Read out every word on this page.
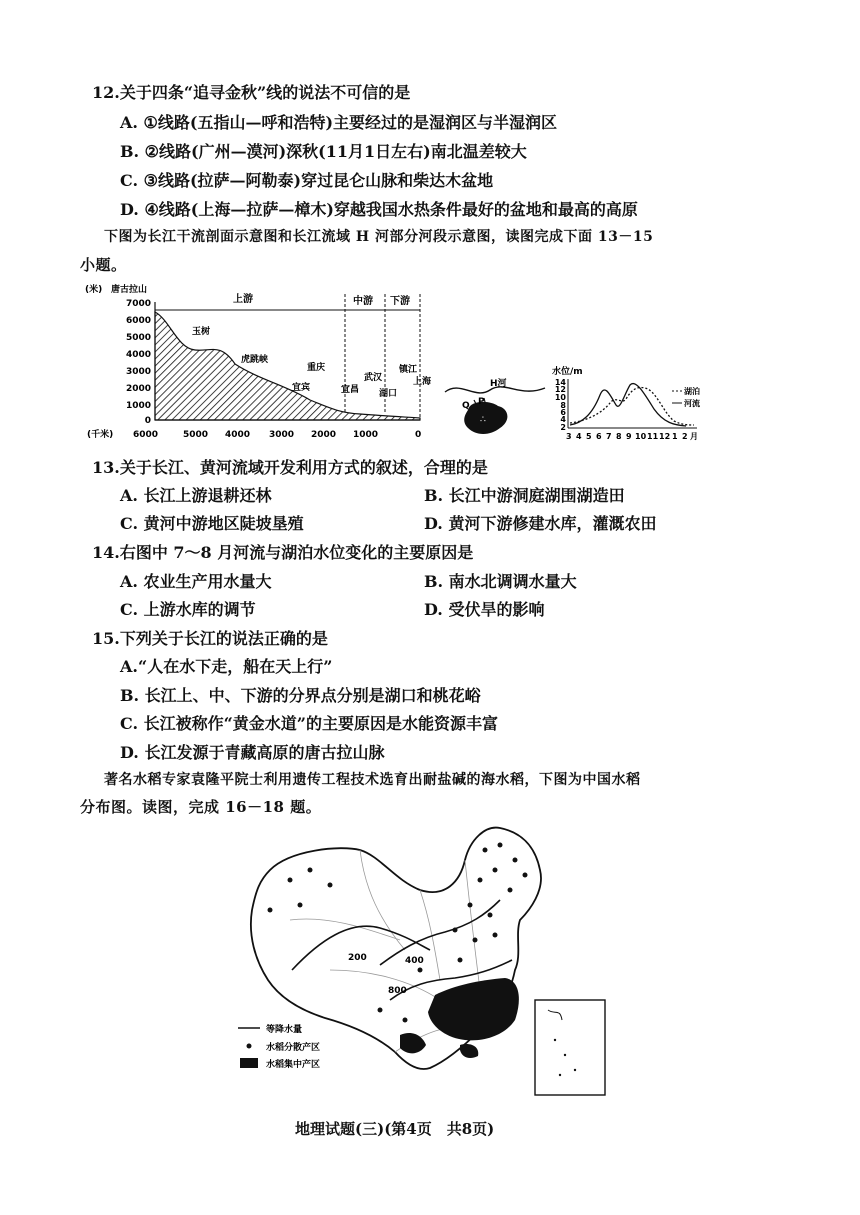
12.关于四条“追寻金秋”线的说法不可信的是
A. ①线路(五指山—呼和浩特)主要经过的是湿润区与半湿润区
B. ②线路(广州—漠河)深秋(11月1日左右)南北温差较大
C. ③线路(拉萨—阿勒泰)穿过昆仑山脉和柴达木盆地
D. ④线路(上海—拉萨—樟木)穿越我国水热条件最好的盆地和最高的高原
下图为长江干流剖面示意图和长江流域 H 河部分河段示意图，读图完成下面 13－15
小题。
(米) 唐古拉山
7000
6000
5000
4000
3000
2000
1000
0
上游	中游 下游
玉树
虎跳峡
重庆
宜宾	宜昌
武汉
湖口
镇江
上海
(千米) 6000	5000 4000 3000 2000 1000	0
H河
Q P
∴
水位/m
14
12
10
8
6
4
2
3 4 5 6 7 8 9 10 11 12 1 2 月
湖泊
河流
13.关于长江、黄河流域开发利用方式的叙述，合理的是
A. 长江上游退耕还林	B. 长江中游洞庭湖围湖造田
C. 黄河中游地区陡坡垦殖	D. 黄河下游修建水库，灌溉农田
14.右图中 7～8 月河流与湖泊水位变化的主要原因是
A. 农业生产用水量大	B. 南水北调调水量大
C. 上游水库的调节	D. 受伏旱的影响
15.下列关于长江的说法正确的是
A.“人在水下走，船在天上行”
B. 长江上、中、下游的分界点分别是湖口和桃花峪
C. 长江被称作“黄金水道”的主要原因是水能资源丰富
D. 长江发源于青藏高原的唐古拉山脉
著名水稻专家袁隆平院士利用遗传工程技术选育出耐盐碱的海水稻，下图为中国水稻
分布图。读图，完成 16－18 题。
200	400
800
等降水量
水稻分散产区
水稻集中产区
地理试题(三)(第4页　共8页)
